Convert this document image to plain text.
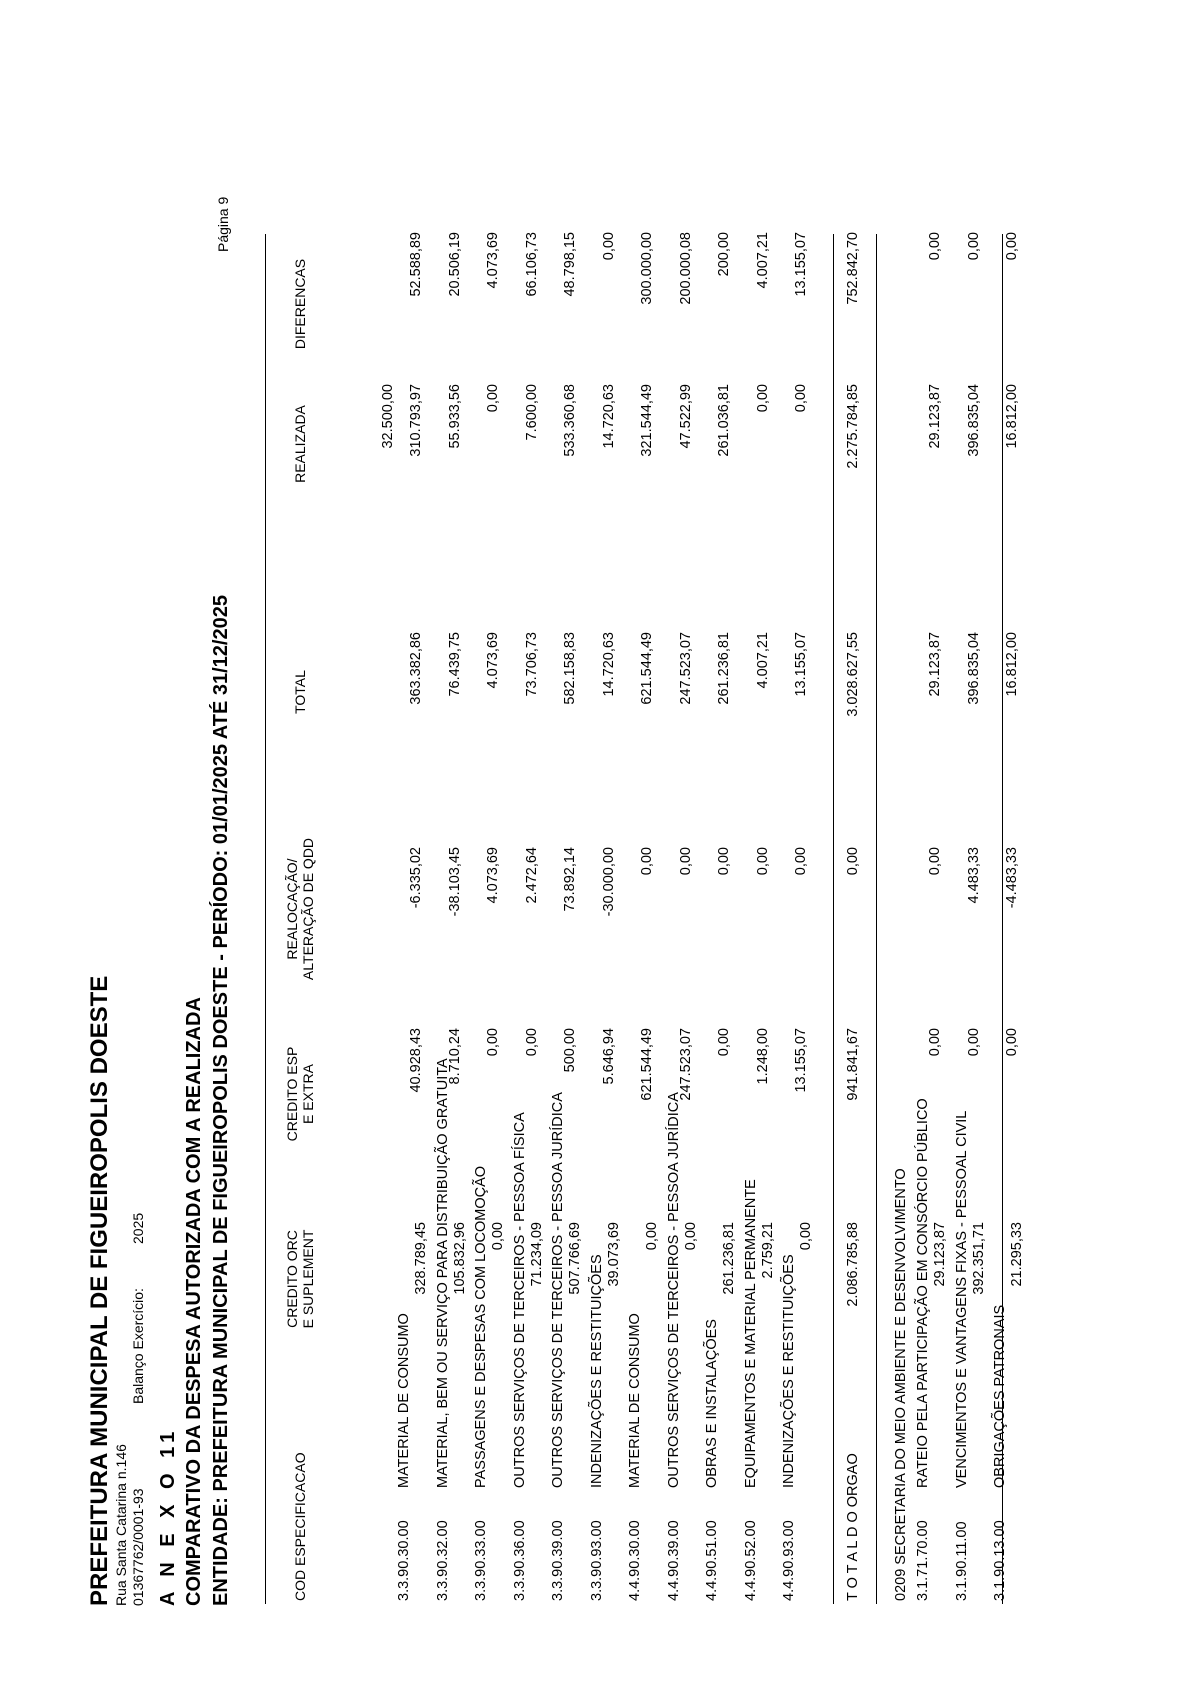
PREFEITURA MUNICIPAL DE FIGUEIROPOLIS DOESTE Rua Santa Catarina n.146 01367762/0001-93
Balanço Exercício:
2025
A N E X O 11 COMPARATIVO DA DESPESA AUTORIZADA COM A REALIZADA ENTIDADE: PREFEITURA MUNICIPAL DE FIGUEIROPOLIS DOESTE - PERÍODO: 01/01/2025 ATÉ 31/12/2025
Página 9
COD ESPECIFICACAO
CREDITO ORC E SUPLEMENT
CREDITO ESP E EXTRA
REALOCAÇÃO/ ALTERAÇÃO DE QDD
TOTAL
REALIZADA
DIFERENCAS
32.500,00
3.3.90.30.00
MATERIAL DE CONSUMO
328.789,45
40.928,43
-6.335,02
363.382,86
310.793,97
52.588,89
3.3.90.32.00
MATERIAL, BEM OU SERVIÇO PARA DISTRIBUIÇÃO GRATUITA 105.832,96
8.710,24
-38.103,45
76.439,75
55.933,56
20.506,19
3.3.90.33.00
PASSAGENS E DESPESAS COM LOCOMOÇÃO 0,00
0,00
4.073,69
4.073,69
0,00
4.073,69
3.3.90.36.00
OUTROS SERVIÇOS DE TERCEIROS - PESSOA FÍSICA 71.234,09
0,00
2.472,64
73.706,73
7.600,00
66.106,73
3.3.90.39.00
OUTROS SERVIÇOS DE TERCEIROS - PESSOA JURÍDICA 507.766,69
500,00
73.892,14
582.158,83
533.360,68
48.798,15
3.3.90.93.00
INDENIZAÇÕES E RESTITUIÇÕES
39.073,69
5.646,94
-30.000,00
14.720,63
14.720,63
0,00
4.4.90.30.00
MATERIAL DE CONSUMO
0,00
621.544,49
0,00
621.544,49
321.544,49
300.000,00
4.4.90.39.00
OUTROS SERVIÇOS DE TERCEIROS - PESSOA JURÍDICA 0,00
247.523,07
0,00
247.523,07
47.522,99
200.000,08
4.4.90.51.00
OBRAS E INSTALAÇÕES
261.236,81
0,00
0,00
261.236,81
261.036,81
200,00
4.4.90.52.00
EQUIPAMENTOS E MATERIAL PERMANENTE 2.759,21
1.248,00
0,00
4.007,21
0,00
4.007,21
4.4.90.93.00
INDENIZAÇÕES E RESTITUIÇÕES
0,00
13.155,07
0,00
13.155,07
0,00
13.155,07
T O T A L D O ORGAO
2.086.785,88
941.841,67
0,00
3.028.627,55
2.275.784,85
752.842,70
0209 SECRETARIA DO MEIO AMBIENTE E DESENVOLVIMENTO 3.1.71.70.00
RATEIO PELA PARTICIPAÇÃO EM CONSÓRCIO PÚBLICO 29.123,87
0,00
0,00
29.123,87
29.123,87
0,00
3.1.90.11.00
VENCIMENTOS E VANTAGENS FIXAS - PESSOAL CIVIL 392.351,71
0,00
4.483,33
396.835,04
396.835,04
0,00
3.1.90.13.00
OBRIGAÇÕES PATRONAIS
21.295,33
0,00
-4.483,33
16.812,00
16.812,00
0,00
